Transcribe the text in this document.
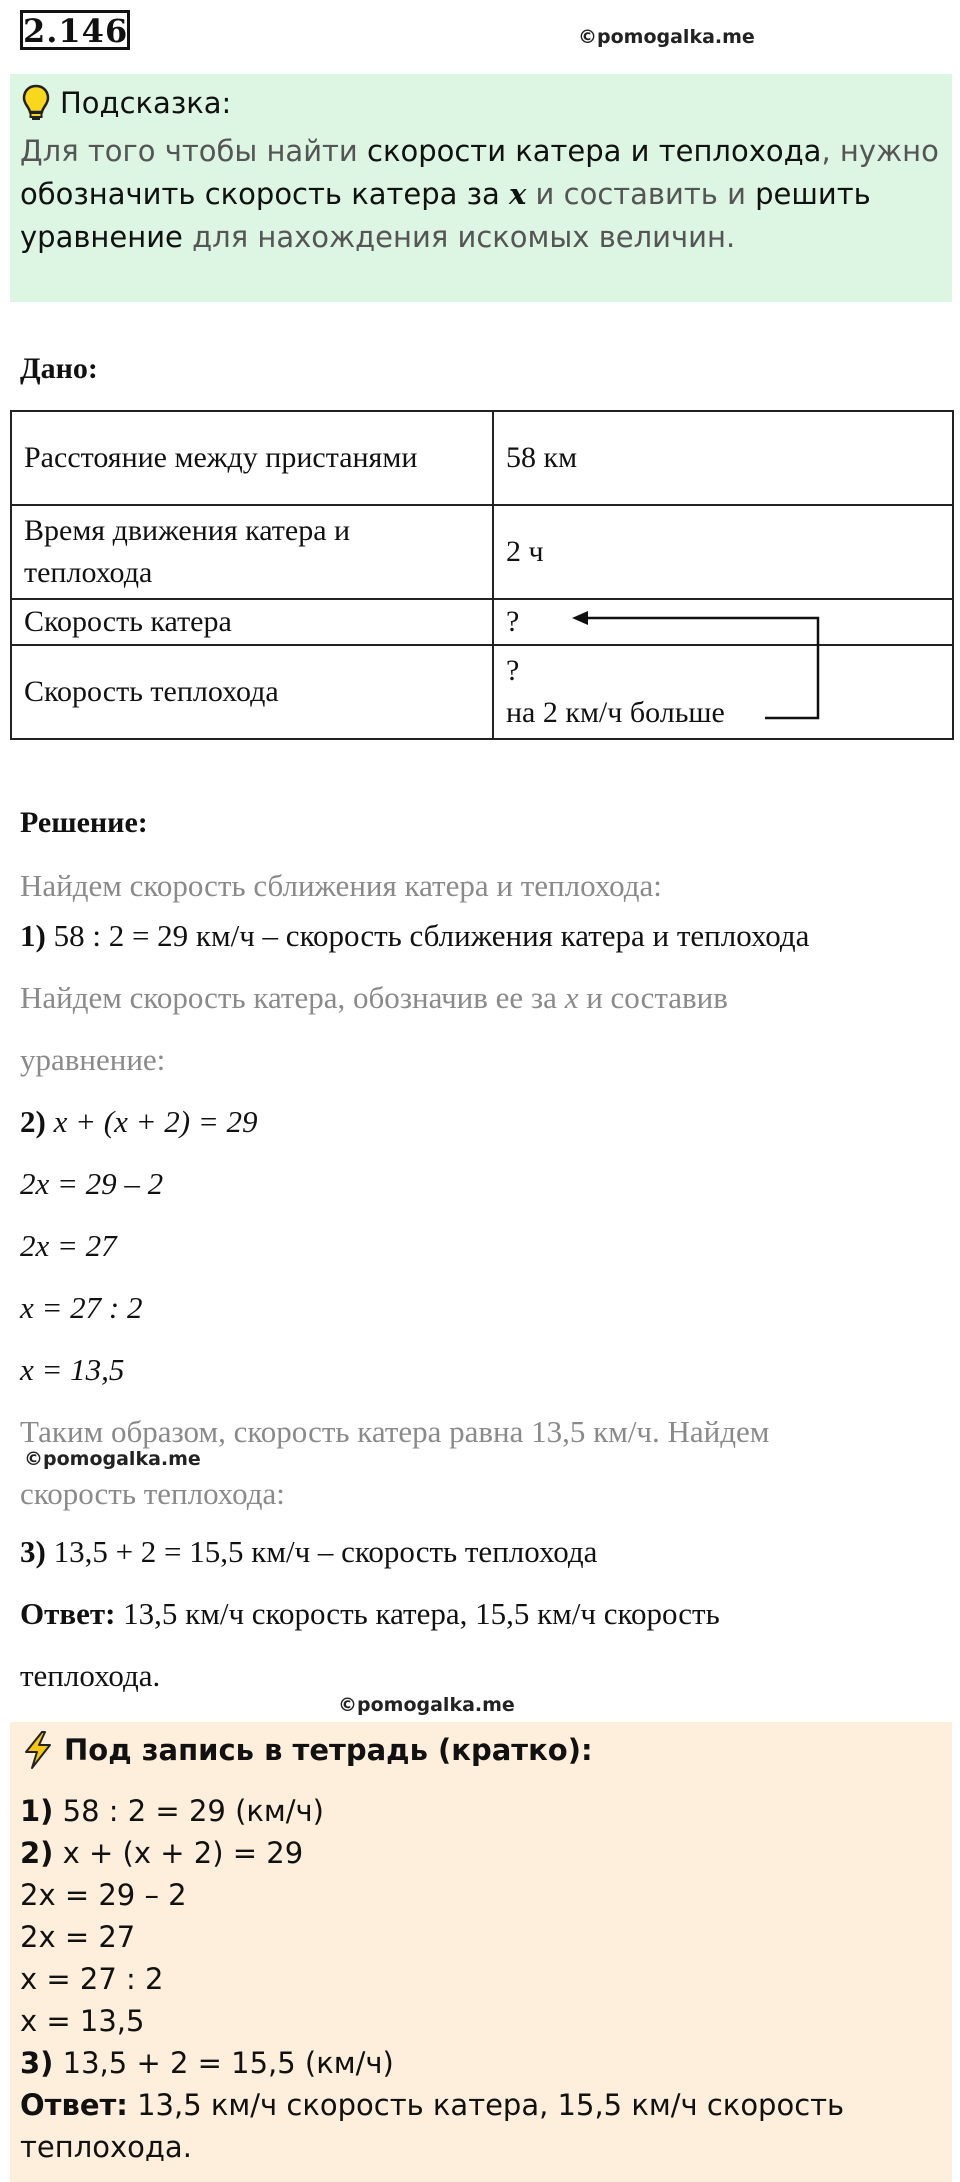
2.146	©pomogalka.me
Подсказка:
Для того чтобы найти скорости катера и теплохода, нужно обозначить скорость катера за x и составить и решить уравнение для нахождения искомых величин.
Дано:
Расстояние между пристанями	58 км
Время движения катера и теплохода	2 ч
Скорость катера	?
Скорость теплохода	?
на 2 км/ч больше
Решение:
Найдем скорость сближения катера и теплохода:
1) 58 : 2 = 29 км/ч – скорость сближения катера и теплохода
Найдем скорость катера, обозначив ее за x и составив
уравнение:
2) x + (x + 2) = 29
2x = 29 – 2
2x = 27
x = 27 : 2
x = 13,5
Таким образом, скорость катера равна 13,5 км/ч. Найдем
©pomogalka.me
скорость теплохода:
3) 13,5 + 2 = 15,5 км/ч – скорость теплохода
Ответ: 13,5 км/ч скорость катера, 15,5 км/ч скорость
теплохода.
©pomogalka.me
Под запись в тетрадь (кратко):
1) 58 : 2 = 29 (км/ч)
2) x + (x + 2) = 29
2x = 29 – 2
2x = 27
x = 27 : 2
x = 13,5
3) 13,5 + 2 = 15,5 (км/ч)
Ответ: 13,5 км/ч скорость катера, 15,5 км/ч скорость
теплохода.
